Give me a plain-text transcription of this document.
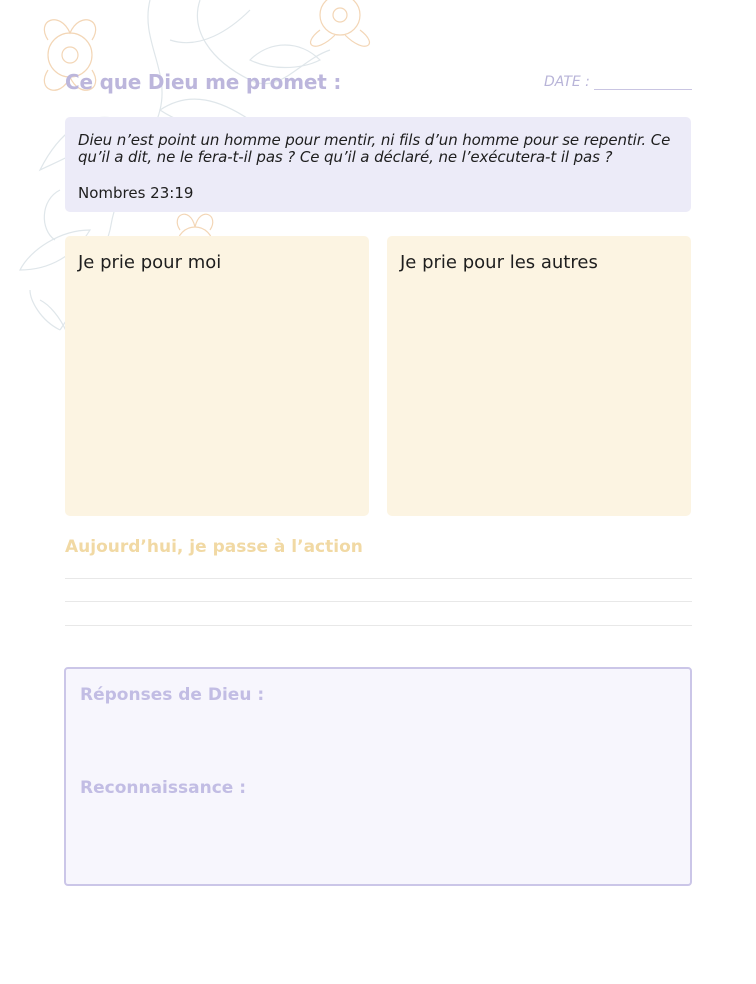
Ce que Dieu me promet :	DATE :

Dieu n’est point un homme pour mentir, ni fils d’un homme pour se repentir. Ce qu’il a dit, ne le fera-t-il pas ? Ce qu’il a déclaré, ne l’exécutera-t il pas ?

Nombres 23:19

Je prie pour moi	Je prie pour les autres
Aujourd’hui, je passe à l’action
Réponses de Dieu :
Reconnaissance :
